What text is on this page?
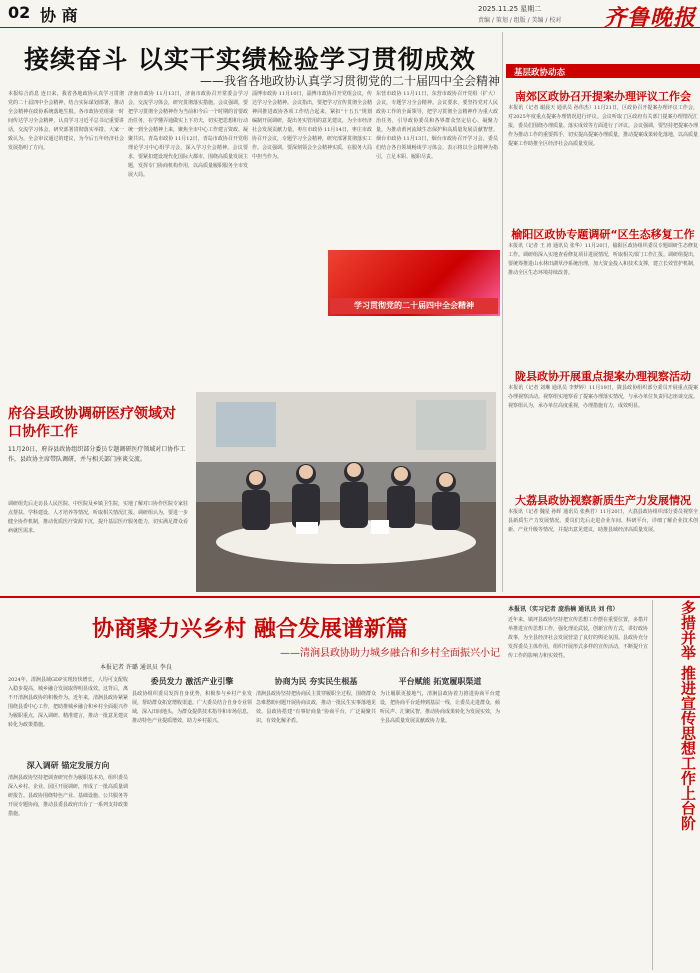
02 协 商	2025.11.25 星期二
责编 / 策划 / 组版 / 美编 / 校对 齐鲁晚报
接续奋斗 以实干实绩检验学习贯彻成效
——我省各地政协认真学习贯彻党的二十届四中全会精神
本报综合消息 连日来，我省各地政协认真学习贯彻党的二十届四中全会精神，结合实际谋划部署，推动全会精神在政协系统落地生根。各市政协党组第一时间传达学习全会精神，认真学习习近平总书记重要讲话，交流学习体会，研究部署贯彻落实举措。大家一致认为，全会审议通过的建议，为今后五年经济社会发展指明了方向。
济南市政协 11月13日，济南市政协召开常委会学习会，交流学习体会，研究贯彻落实措施。会议强调，要把学习贯彻全会精神作为当前和今后一个时期的首要政治任务，在学懂弄通做实上下功夫，切实把思想和行动统一到全会精神上来，聚焦全市中心工作建言资政、凝聚共识。青岛市政协 11月12日，青岛市政协召开党组理论学习中心组学习会，深入学习全会精神。会议要求，要紧扣建设现代化国际大都市，围绕高质量发展主题，发挥专门协商机构作用，以高质量履职服务全市发展大局。
淄博市政协 11月10日，淄博市政协召开党组会议，传达学习全会精神。会议指出，要把学习宣传贯彻全会精神同推进政协各项工作结合起来，紧扣“十五五”规划编制开展调研，提出务实管用的意见建议，为全市经济社会发展贡献力量。枣庄市政协 11月14日，枣庄市政协召开会议，专题学习全会精神，研究部署贯彻落实工作。会议强调，要深刻领会全会精神实质，在服务大局中担当作为。
东营市政协 11月11日，东营市政协召开党组（扩大）会议，专题学习全会精神。会议要求，要坚持党对人民政协工作的全面领导，把学习贯彻全会精神作为重大政治任务，引导政协委员和各界群众坚定信心、凝聚力量，为推动黄河流域生态保护和高质量发展贡献智慧。烟台市政协 11月13日，烟台市政协召开学习会，委员们结合各自领域畅谈学习体会，表示将以全会精神为指引，立足本职、履职尽责。
学习贯彻党的二十届四中全会精神
府谷县政协调研医疗领域对口协作工作
11月20日，府谷县政协组织部分委员专题调研医疗领域对口协作工作，县政协主席带队调研，并与相关部门座谈交流。
调研组先后走访县人民医院、中医院及乡镇卫生院，实地了解对口协作医院专家驻点帮扶、学科建设、人才培养等情况，听取相关情况汇报。调研组认为，要进一步健全协作机制，推动优质医疗资源下沉，提升基层医疗服务能力，切实满足群众看病就医需求。
记者 许璐 通讯员 张 英 摄
基层政协动态
南郊区政协召开提案办理评议工作会
本报讯（记者 谢晨天 通讯员 孙伟杰）11月21日，区政协召开提案办理评议工作会，对2025年度重点提案办理情况进行评议。会议听取了区政府有关部门提案办理情况汇报，委员们围绕办理质量、落实成效等方面进行了评议。会议强调，要坚持把提案办理作为推动工作的重要抓手，切实提高提案办理质量，推动提案成果转化落地，以高质量提案工作助推全区经济社会高质量发展。
榆阳区政协专题调研“区生态移复工作
本报讯（记者 王 涛 通讯员 张华）11月20日，榆阳区政协组织委员专题调研生态修复工作。调研组深入实地查看修复项目进展情况，听取相关部门工作汇报。调研组提出，要统筹推进山水林田湖草沙系统治理，加大资金投入和技术支撑，建立长效管护机制，推动全区生态环境持续改善。
陇县政协开展重点提案办理视察活动
本报讯（记者 刘琳 通讯员 李梦婷）11月19日，陇县政协组织部分委员开展重点提案办理视察活动。视察组实地察看了提案办理落实情况，与承办单位负责同志座谈交流。视察组认为，承办单位高度重视，办理措施有力，成效明显。
大荔县政协视察新质生产力发展情况
本报讯（记者 魏星 孙晖 通讯员 张燕君）11月20日，大荔县政协组织部分委员视察全县新质生产力发展情况。委员们先后走进企业车间、科研平台，详细了解企业技术创新、产业升级等情况，并提出意见建议，助推县域经济高质量发展。
协商聚力兴乡村 融合发展谱新篇
——清涧县政协助力城乡融合和乡村全面振兴小记
本报记者 许璐 通讯员 李良
2024年，清涧县域GDP实现较快增长，人均可支配收入稳步提高，城乡融合发展取得明显成效。这背后，离不开清涧县政协的积极作为。近年来，清涧县政协紧紧围绕县委中心工作，把助推城乡融合和乡村全面振兴作为履职重点，深入调研、精准建言，推动一批意见建议转化为政策措施。
深入调研 锚定发展方向
清涧县政协坚持把调查研究作为履职基本功，组织委员深入乡村、企业、园区开展调研，形成了一批高质量调研报告。县政协围绕特色产业、基础设施、公共服务等开展专题协商，推动县委县政府出台了一系列支持政策措施。
委员发力 激活产业引擎
县政协组织委员发挥自身优势，积极参与乡村产业发展，帮助群众拓宽增收渠道。广大委员结合自身专业领域，深入田间地头，为群众提供技术指导和市场信息，推动特色产业提质增效，助力乡村振兴。
协商为民 夯实民生根基
清涧县政协坚持把协商民主贯穿履职全过程，围绕群众急难愁盼问题开展协商议政，推动一批民生实事落地见效。县政协搭建“有事好商量”协商平台，广泛凝聚共识，有效化解矛盾。
平台赋能 拓宽履职渠道
为让履职更接地气，清涧县政协着力推进协商平台建设，把协商平台延伸到基层一线，让委员走进群众，倾听民声、汇聚民智，推动协商成果转化为发展实效，为全县高质量发展贡献政协力量。
本报讯（实习记者 庞浩楠 通讯员 刘 伟）
近年来，镇坪县政协坚持把宣传思想工作摆在重要位置，多措并举推进宣传思想工作，强化理论武装，创新宣传方式，讲好政协故事，为全县经济社会发展营造了良好的舆论氛围。县政协充分发挥委员主体作用，组织开展形式多样的宣传活动，不断提升宣传工作的影响力和实效性。	多措并举 推进宣传思想工作上台阶
